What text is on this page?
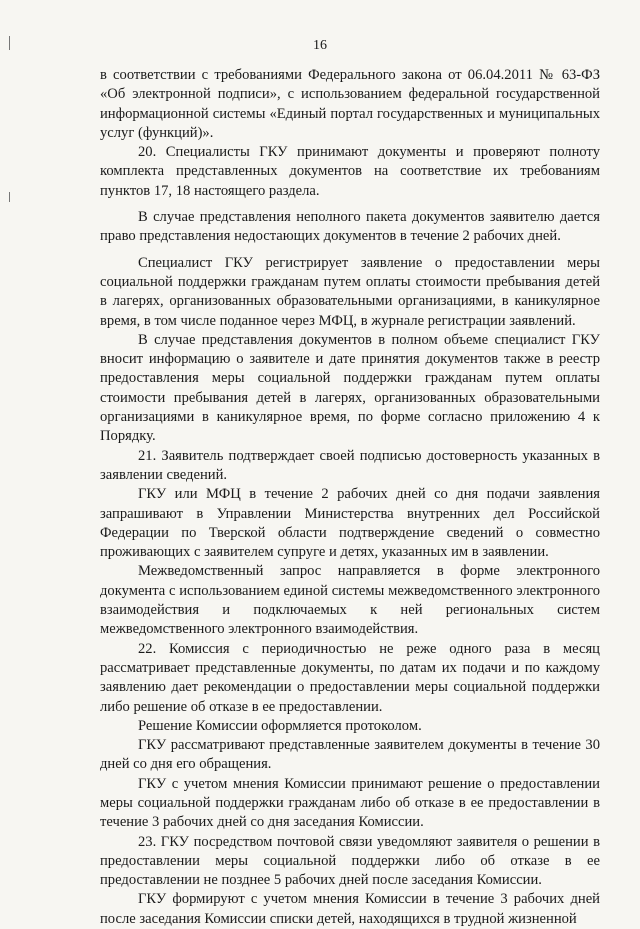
16

в соответствии с требованиями Федерального закона от 06.04.2011 № 63-ФЗ «Об электронной подписи», с использованием федеральной государственной информационной системы «Единый портал государственных и муниципальных услуг (функций)».

20. Специалисты ГКУ принимают документы и проверяют полноту комплекта представленных документов на соответствие их требованиям пунктов 17, 18 настоящего раздела.

В случае представления неполного пакета документов заявителю дается право представления недостающих документов в течение 2 рабочих дней.

Специалист ГКУ регистрирует заявление о предоставлении меры социальной поддержки гражданам путем оплаты стоимости пребывания детей в лагерях, организованных образовательными организациями, в каникулярное время, в том числе поданное через МФЦ, в журнале регистрации заявлений.

В случае представления документов в полном объеме специалист ГКУ вносит информацию о заявителе и дате принятия документов также в реестр предоставления меры социальной поддержки гражданам путем оплаты стоимости пребывания детей в лагерях, организованных образовательными организациями в каникулярное время, по форме согласно приложению 4 к Порядку.

21. Заявитель подтверждает своей подписью достоверность указанных в заявлении сведений.

ГКУ или МФЦ в течение 2 рабочих дней со дня подачи заявления запрашивают в Управлении Министерства внутренних дел Российской Федерации по Тверской области подтверждение сведений о совместно проживающих с заявителем супруге и детях, указанных им в заявлении.

Межведомственный запрос направляется в форме электронного документа с использованием единой системы межведомственного электронного взаимодействия и подключаемых к ней региональных систем межведомственного электронного взаимодействия.

22. Комиссия с периодичностью не реже одного раза в месяц рассматривает представленные документы, по датам их подачи и по каждому заявлению дает рекомендации о предоставлении меры социальной поддержки либо решение об отказе в ее предоставлении.

Решение Комиссии оформляется протоколом.

ГКУ рассматривают представленные заявителем документы в течение 30 дней со дня его обращения.

ГКУ с учетом мнения Комиссии принимают решение о предоставлении меры социальной поддержки гражданам либо об отказе в ее предоставлении в течение 3 рабочих дней со дня заседания Комиссии.

23. ГКУ посредством почтовой связи уведомляют заявителя о решении в предоставлении меры социальной поддержки либо об отказе в ее предоставлении не позднее 5 рабочих дней после заседания Комиссии.

ГКУ формируют с учетом мнения Комиссии в течение 3 рабочих дней после заседания Комиссии списки детей, находящихся в трудной жизненной
